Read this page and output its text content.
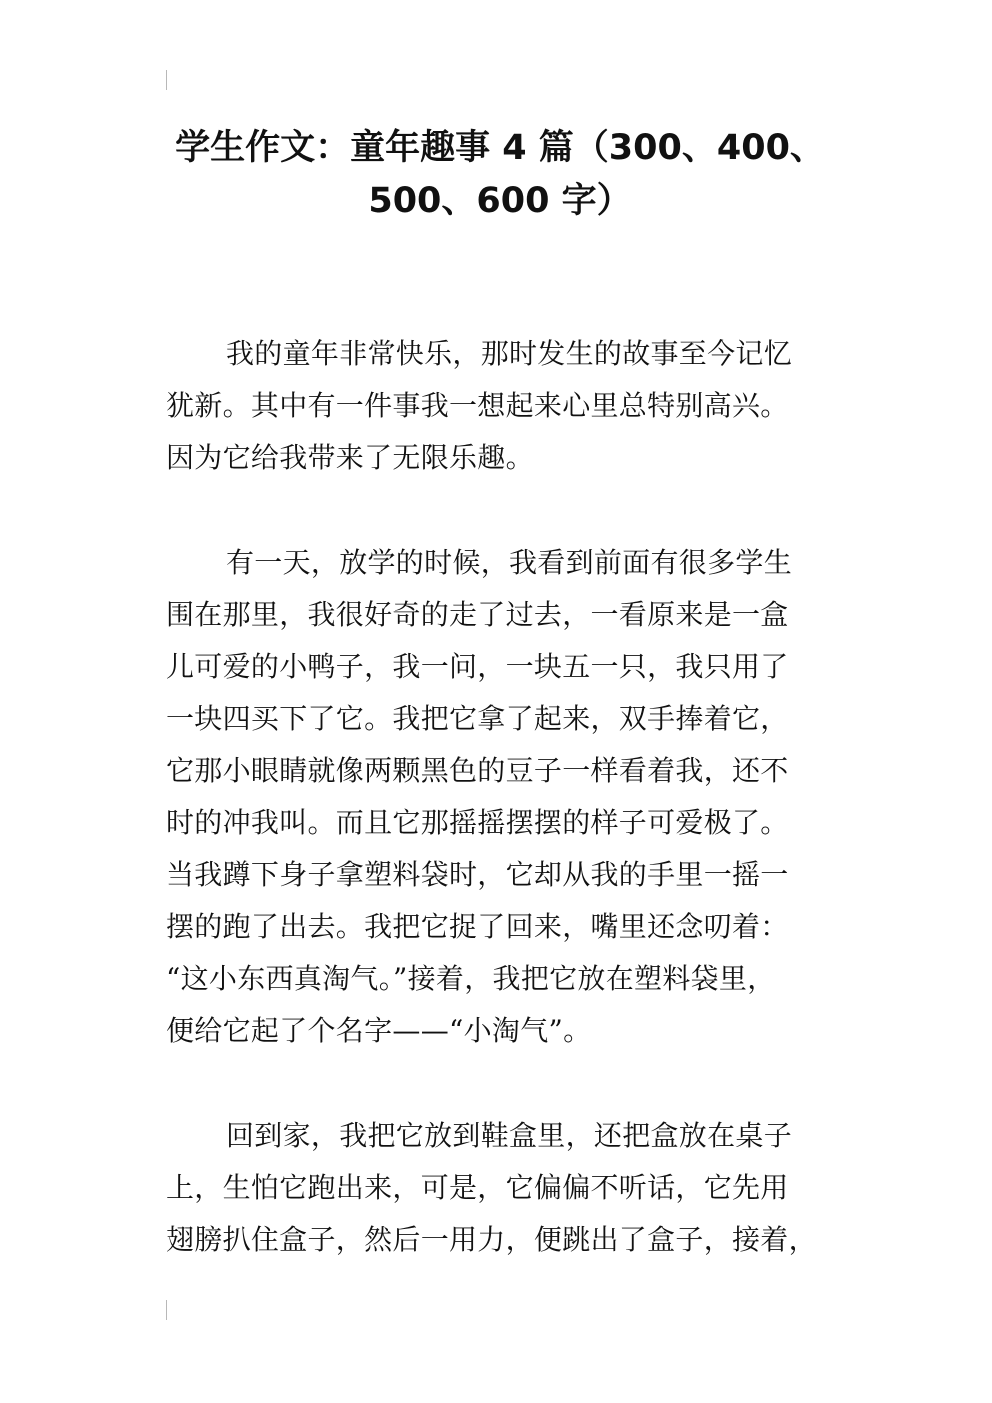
学生作文：童年趣事 4 篇（300、400、
500、600 字）
我的童年非常快乐，那时发生的故事至今记忆
犹新。其中有一件事我一想起来心里总特别高兴。
因为它给我带来了无限乐趣。
有一天，放学的时候，我看到前面有很多学生
围在那里，我很好奇的走了过去，一看原来是一盒
儿可爱的小鸭子，我一问，一块五一只，我只用了
一块四买下了它。我把它拿了起来，双手捧着它，
它那小眼睛就像两颗黑色的豆子一样看着我，还不
时的冲我叫。而且它那摇摇摆摆的样子可爱极了。
当我蹲下身子拿塑料袋时，它却从我的手里一摇一
摆的跑了出去。我把它捉了回来，嘴里还念叨着：
“这小东西真淘气。”接着，我把它放在塑料袋里，
便给它起了个名字——“小淘气”。
回到家，我把它放到鞋盒里，还把盒放在桌子
上，生怕它跑出来，可是，它偏偏不听话，它先用
翅膀扒住盒子，然后一用力，便跳出了盒子，接着，
